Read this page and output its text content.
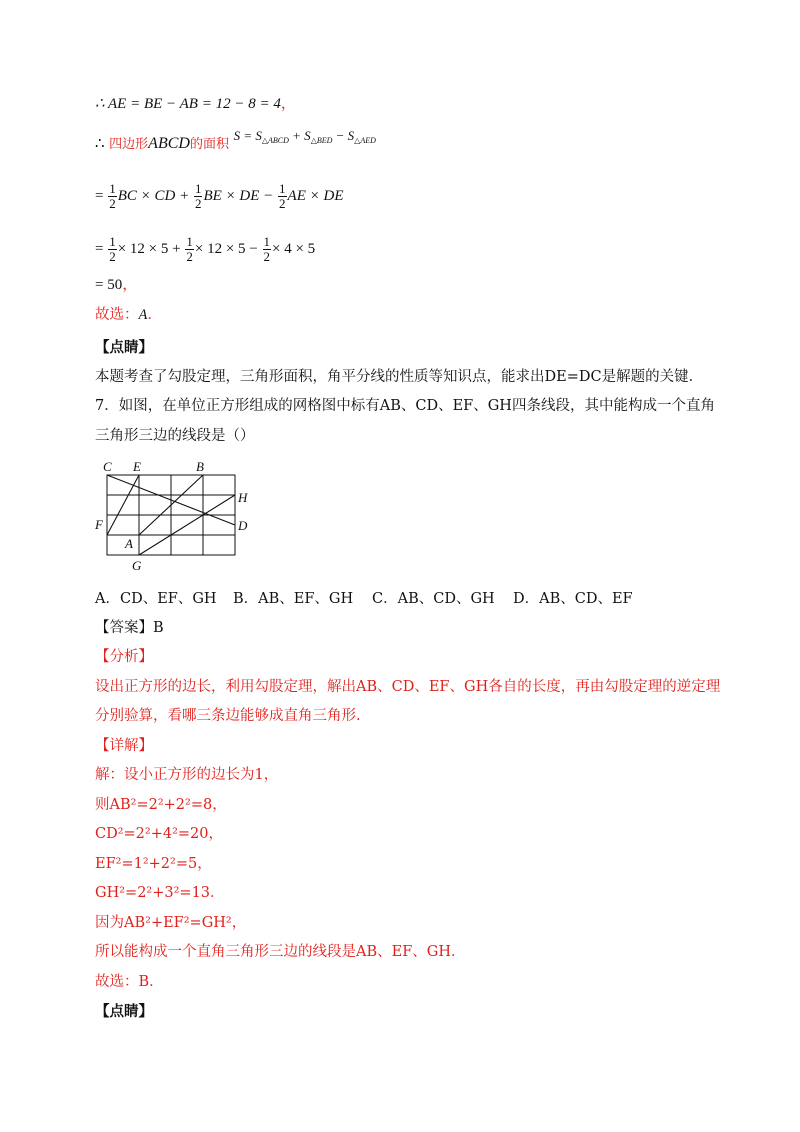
∴ AE = BE − AB = 12 − 8 = 4，
∴ 四边形ABCD的面积 $S = S_{\triangle ABCD} + S_{\triangle BED} - S_{\triangle AED}$
= $\frac{1}{2}$ BC × CD + $\frac{1}{2}$ BE × DE − $\frac{1}{2}$ AE × DE
= $\frac{1}{2} \times 12 \times 5 + \frac{1}{2} \times 12 \times 5 - \frac{1}{2} \times 4 \times 5$
= 50，
故选：A．
【点睛】
本题考查了勾股定理，三角形面积，角平分线的性质等知识点，能求出DE=DC是解题的关键．
7．如图，在单位正方形组成的网格图中标有AB、CD、EF、GH四条线段，其中能构成一个直角
三角形三边的线段是（）
C E	B
H
F	D
A
G
A．CD、EF、GH B．AB、EF、GH C．AB、CD、GH D．AB、CD、EF
【答案】B
【分析】
设出正方形的边长，利用勾股定理，解出AB、CD、EF、GH各自的长度，再由勾股定理的逆定理
分别验算，看哪三条边能够成直角三角形.
【详解】
解：设小正方形的边长为1，
则AB²=2²+2²=8，
CD²=2²+4²=20，
EF²=1²+2²=5，
GH²=2²+3²=13．
因为AB²+EF²=GH²，
所以能构成一个直角三角形三边的线段是AB、EF、GH．
故选：B．
【点睛】
